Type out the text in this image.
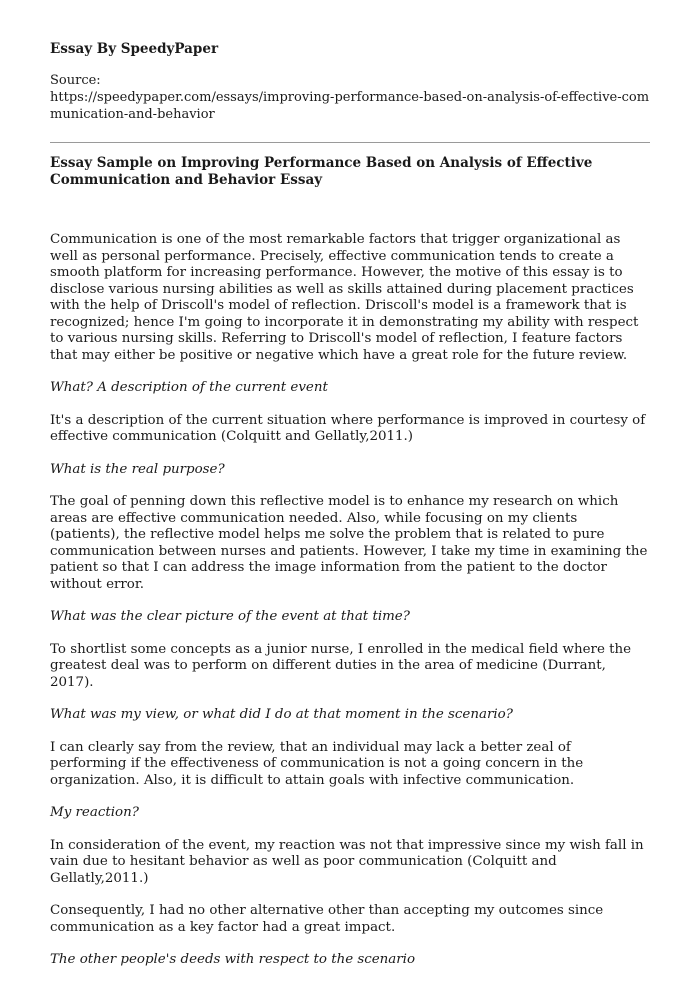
Essay By SpeedyPaper

Source:

https://speedypaper.com/essays/improving-performance-based-on-analysis-of-effective-communication-and-behavior

Essay Sample on Improving Performance Based on Analysis of Effective Communication and Behavior Essay

Communication is one of the most remarkable factors that trigger organizational as well as personal performance. Precisely, effective communication tends to create a smooth platform for increasing performance. However, the motive of this essay is to disclose various nursing abilities as well as skills attained during placement practices with the help of Driscoll's model of reflection. Driscoll's model is a framework that is recognized; hence I'm going to incorporate it in demonstrating my ability with respect to various nursing skills. Referring to Driscoll's model of reflection, I feature factors that may either be positive or negative which have a great role for the future review.

What? A description of the current event

It's a description of the current situation where performance is improved in courtesy of effective communication (Colquitt and Gellatly,2011.)

What is the real purpose?

The goal of penning down this reflective model is to enhance my research on which areas are effective communication needed. Also, while focusing on my clients (patients), the reflective model helps me solve the problem that is related to pure communication between nurses and patients. However, I take my time in examining the patient so that I can address the image information from the patient to the doctor without error.

What was the clear picture of the event at that time?

To shortlist some concepts as a junior nurse, I enrolled in the medical field where the greatest deal was to perform on different duties in the area of medicine (Durrant, 2017).

What was my view, or what did I do at that moment in the scenario?

I can clearly say from the review, that an individual may lack a better zeal of performing if the effectiveness of communication is not a going concern in the organization. Also, it is difficult to attain goals with infective communication.

My reaction?

In consideration of the event, my reaction was not that impressive since my wish fall in vain due to hesitant behavior as well as poor communication (Colquitt and Gellatly,2011.)

Consequently, I had no other alternative other than accepting my outcomes since communication as a key factor had a great impact.

The other people's deeds with respect to the scenario
